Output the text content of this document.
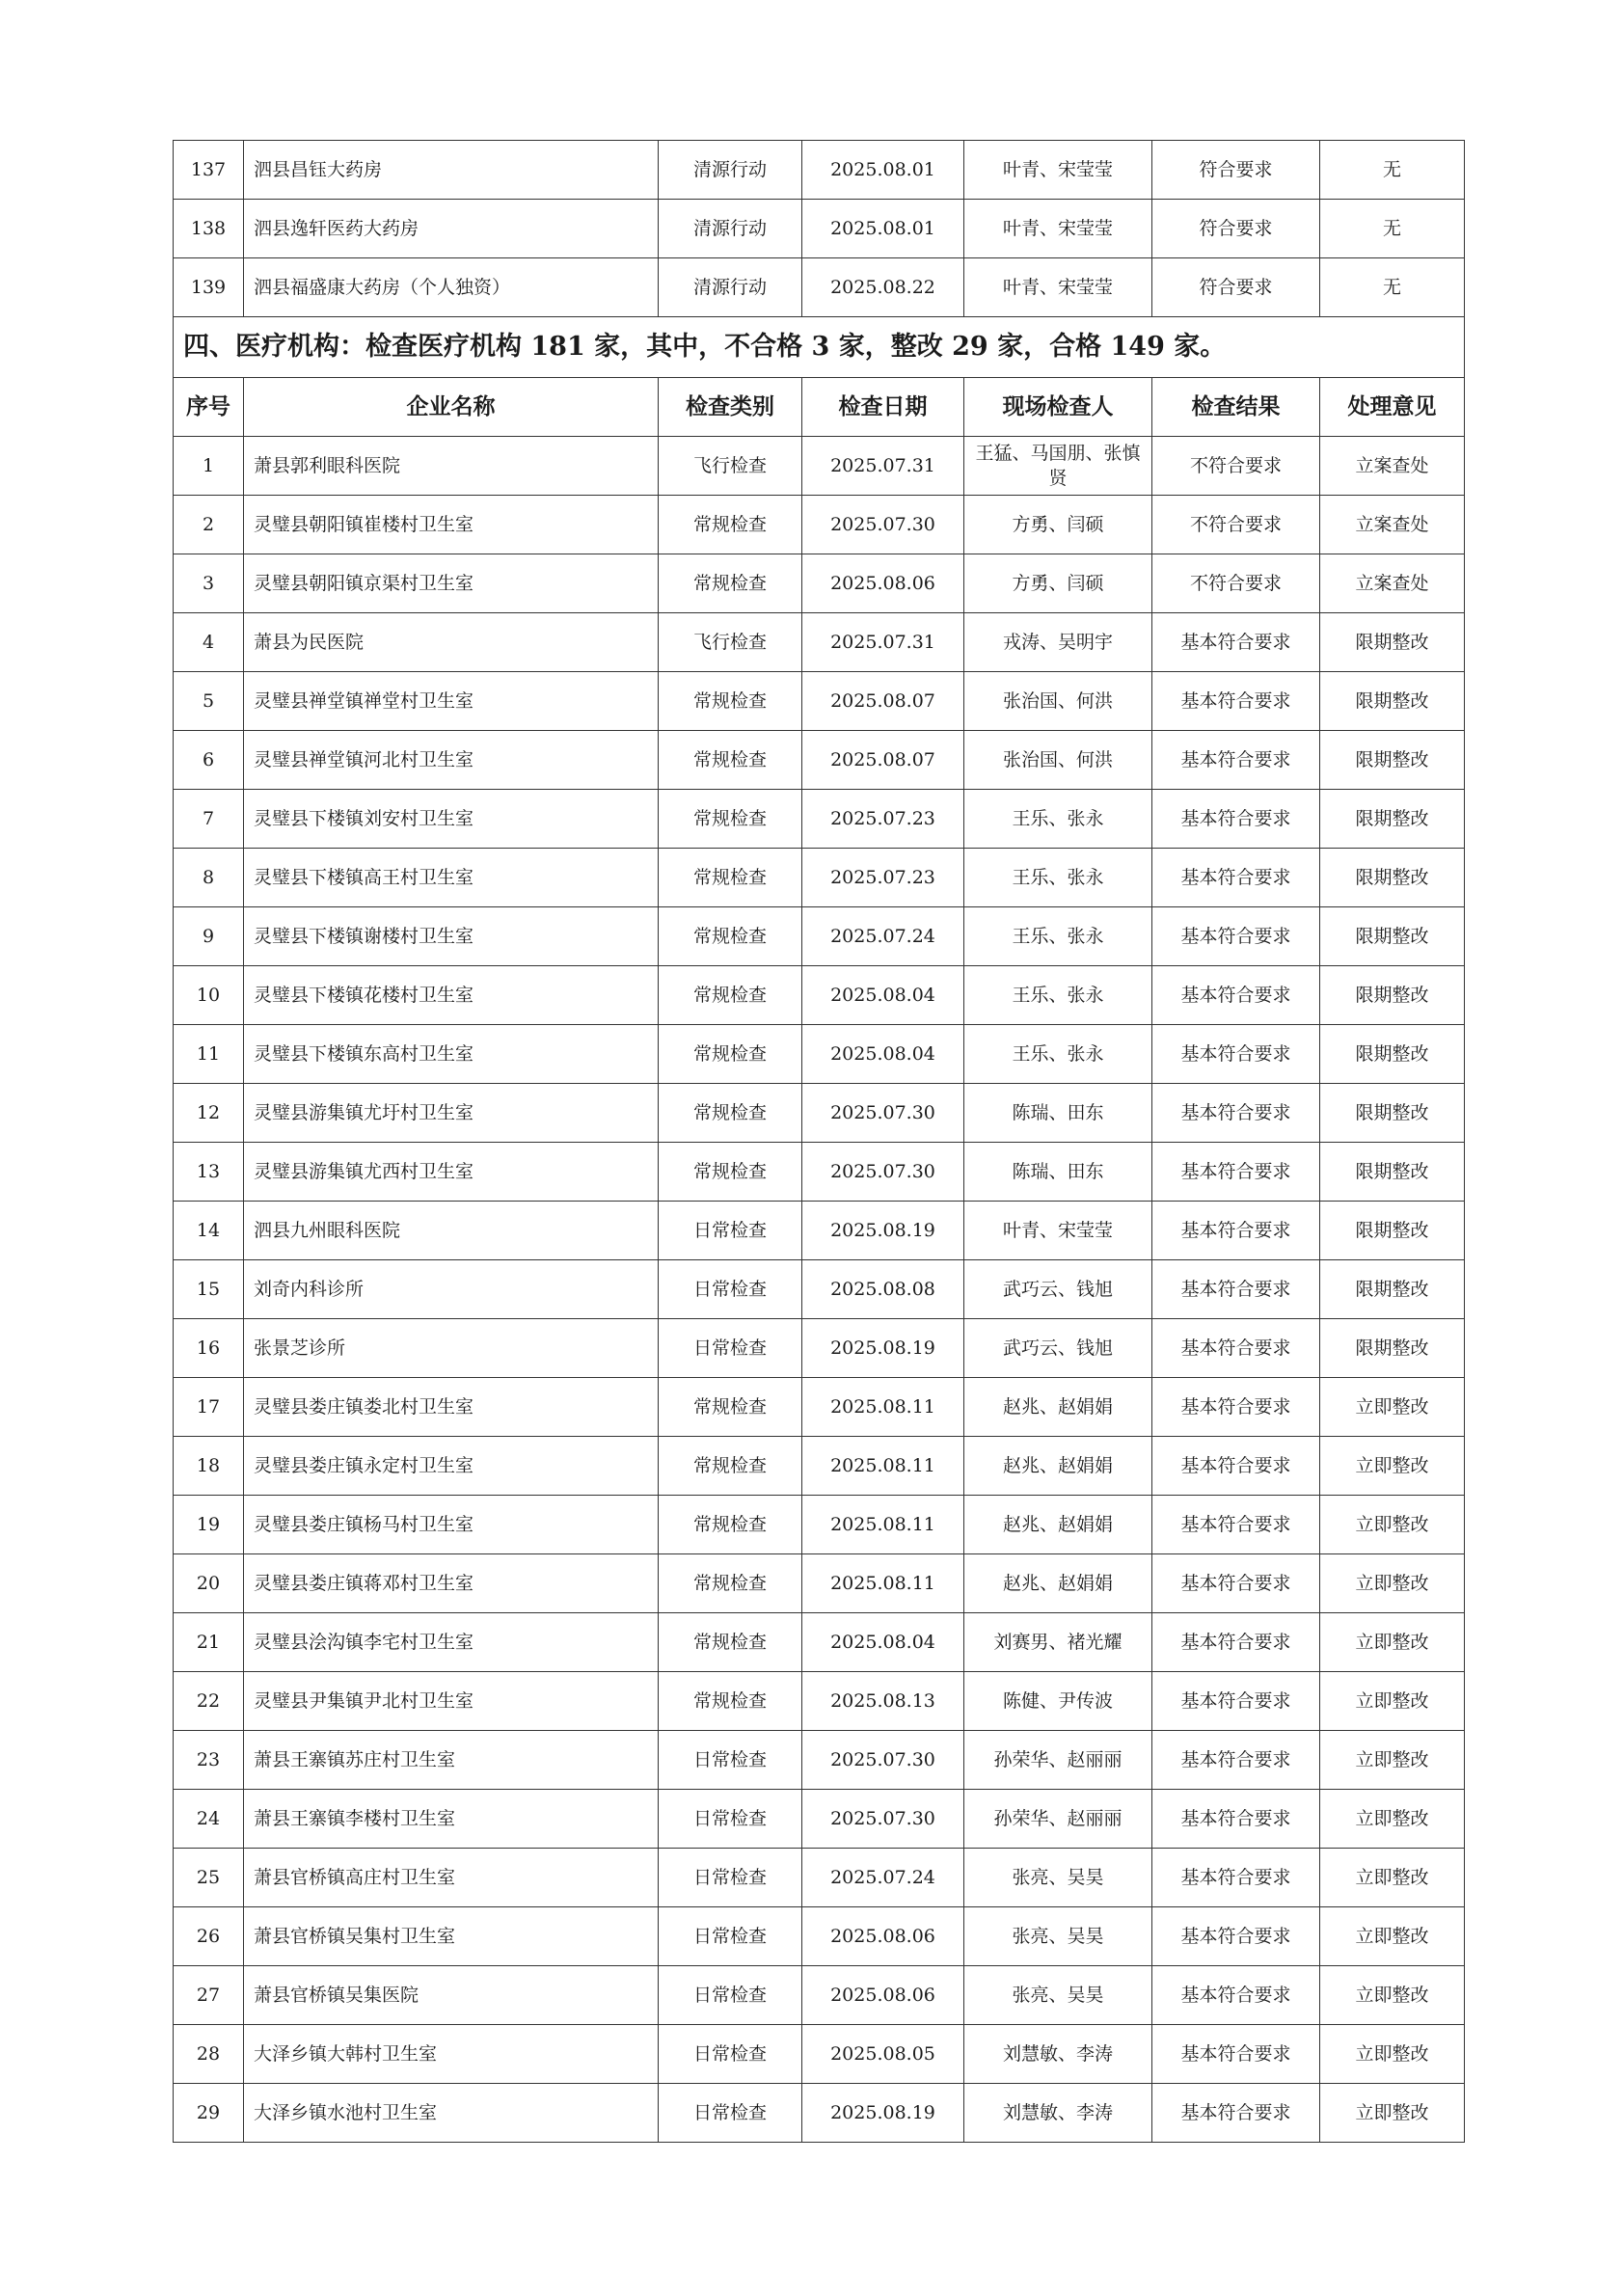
137	泗县昌钰大药房	清源行动	2025.08.01	叶青、宋莹莹	符合要求	无
138	泗县逸轩医药大药房	清源行动	2025.08.01	叶青、宋莹莹	符合要求	无
139	泗县福盛康大药房（个人独资）	清源行动	2025.08.22	叶青、宋莹莹	符合要求	无
四、医疗机构：检查医疗机构 181 家，其中，不合格 3 家，整改 29 家，合格 149 家。						
序号	企业名称	检查类别	检查日期	现场检查人	检查结果	处理意见
1	萧县郭利眼科医院	飞行检查	2025.07.31	王猛、马国朋、张慎贤	不符合要求	立案查处
2	灵璧县朝阳镇崔楼村卫生室	常规检查	2025.07.30	方勇、闫硕	不符合要求	立案查处
3	灵璧县朝阳镇京渠村卫生室	常规检查	2025.08.06	方勇、闫硕	不符合要求	立案查处
4	萧县为民医院	飞行检查	2025.07.31	戎涛、吴明宇	基本符合要求	限期整改
5	灵璧县禅堂镇禅堂村卫生室	常规检查	2025.08.07	张治国、何洪	基本符合要求	限期整改
6	灵璧县禅堂镇河北村卫生室	常规检查	2025.08.07	张治国、何洪	基本符合要求	限期整改
7	灵璧县下楼镇刘安村卫生室	常规检查	2025.07.23	王乐、张永	基本符合要求	限期整改
8	灵璧县下楼镇高王村卫生室	常规检查	2025.07.23	王乐、张永	基本符合要求	限期整改
9	灵璧县下楼镇谢楼村卫生室	常规检查	2025.07.24	王乐、张永	基本符合要求	限期整改
10	灵璧县下楼镇花楼村卫生室	常规检查	2025.08.04	王乐、张永	基本符合要求	限期整改
11	灵璧县下楼镇东高村卫生室	常规检查	2025.08.04	王乐、张永	基本符合要求	限期整改
12	灵璧县游集镇尤圩村卫生室	常规检查	2025.07.30	陈瑞、田东	基本符合要求	限期整改
13	灵璧县游集镇尤西村卫生室	常规检查	2025.07.30	陈瑞、田东	基本符合要求	限期整改
14	泗县九州眼科医院	日常检查	2025.08.19	叶青、宋莹莹	基本符合要求	限期整改
15	刘奇内科诊所	日常检查	2025.08.08	武巧云、钱旭	基本符合要求	限期整改
16	张景芝诊所	日常检查	2025.08.19	武巧云、钱旭	基本符合要求	限期整改
17	灵璧县娄庄镇娄北村卫生室	常规检查	2025.08.11	赵兆、赵娟娟	基本符合要求	立即整改
18	灵璧县娄庄镇永定村卫生室	常规检查	2025.08.11	赵兆、赵娟娟	基本符合要求	立即整改
19	灵璧县娄庄镇杨马村卫生室	常规检查	2025.08.11	赵兆、赵娟娟	基本符合要求	立即整改
20	灵璧县娄庄镇蒋邓村卫生室	常规检查	2025.08.11	赵兆、赵娟娟	基本符合要求	立即整改
21	灵璧县浍沟镇李宅村卫生室	常规检查	2025.08.04	刘赛男、褚光耀	基本符合要求	立即整改
22	灵璧县尹集镇尹北村卫生室	常规检查	2025.08.13	陈健、尹传波	基本符合要求	立即整改
23	萧县王寨镇苏庄村卫生室	日常检查	2025.07.30	孙荣华、赵丽丽	基本符合要求	立即整改
24	萧县王寨镇李楼村卫生室	日常检查	2025.07.30	孙荣华、赵丽丽	基本符合要求	立即整改
25	萧县官桥镇高庄村卫生室	日常检查	2025.07.24	张亮、吴昊	基本符合要求	立即整改
26	萧县官桥镇吴集村卫生室	日常检查	2025.08.06	张亮、吴昊	基本符合要求	立即整改
27	萧县官桥镇吴集医院	日常检查	2025.08.06	张亮、吴昊	基本符合要求	立即整改
28	大泽乡镇大韩村卫生室	日常检查	2025.08.05	刘慧敏、李涛	基本符合要求	立即整改
29	大泽乡镇水池村卫生室	日常检查	2025.08.19	刘慧敏、李涛	基本符合要求	立即整改
